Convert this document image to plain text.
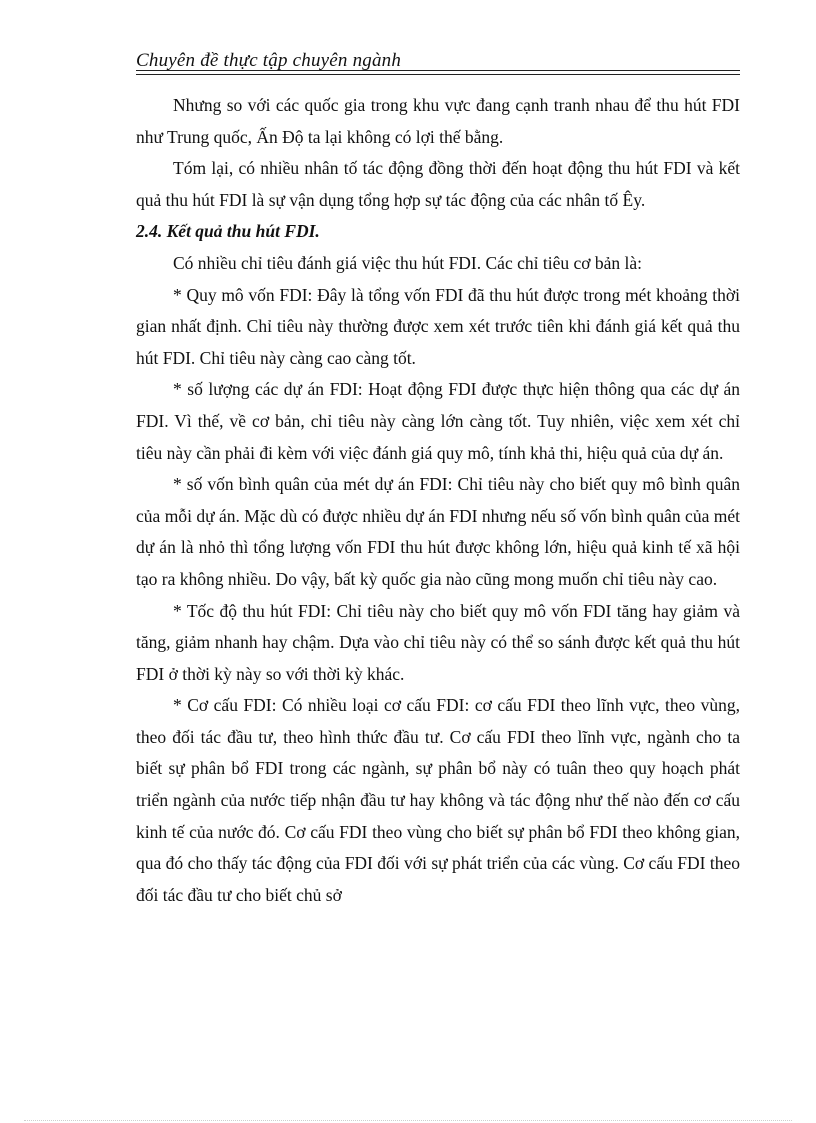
Chuyên đề thực tập chuyên ngành

Nhưng so với các quốc gia trong khu vực đang cạnh tranh nhau để thu hút FDI như Trung quốc, Ấn Độ ta lại không có lợi thế bằng.

Tóm lại, có nhiều nhân tố tác động đồng thời đến hoạt động thu hút FDI và kết quả thu hút FDI là sự vận dụng tổng hợp sự tác động của các nhân tố Êy.

2.4. Kết quả thu hút FDI.

Có nhiều chỉ tiêu đánh giá việc thu hút FDI. Các chỉ tiêu cơ bản là:

* Quy mô vốn FDI: Đây là tổng vốn FDI đã thu hút được trong mét khoảng thời gian nhất định. Chỉ tiêu này thường được xem xét trước tiên khi đánh giá kết quả thu hút FDI. Chỉ tiêu này càng cao càng tốt.

* số lượng các dự án FDI: Hoạt động FDI được thực hiện thông qua các dự án FDI. Vì thế, về cơ bản, chỉ tiêu này càng lớn càng tốt. Tuy nhiên, việc xem xét chỉ tiêu này cần phải đi kèm với việc đánh giá quy mô, tính khả thi, hiệu quả của dự án.

* số vốn bình quân của mét dự án FDI: Chỉ tiêu này cho biết quy mô bình quân của mỗi dự án. Mặc dù có được nhiều dự án FDI nhưng nếu số vốn bình quân của mét dự án là nhỏ thì tổng lượng vốn FDI thu hút được không lớn, hiệu quả kinh tế xã hội tạo ra không nhiều. Do vậy, bất kỳ quốc gia nào cũng mong muốn chỉ tiêu này cao.

* Tốc độ thu hút FDI: Chỉ tiêu này cho biết quy mô vốn FDI tăng hay giảm và tăng, giảm nhanh hay chậm. Dựa vào chỉ tiêu này có thể so sánh được kết quả thu hút FDI ở thời kỳ này so với thời kỳ khác.

* Cơ cấu FDI: Có nhiều loại cơ cấu FDI: cơ cấu FDI theo lĩnh vực, theo vùng, theo đối tác đầu tư, theo hình thức đầu tư. Cơ cấu FDI theo lĩnh vực, ngành cho ta biết sự phân bổ FDI trong các ngành, sự phân bổ này có tuân theo quy hoạch phát triển ngành của nước tiếp nhận đầu tư hay không và tác động như thế nào đến cơ cấu kinh tế của nước đó. Cơ cấu FDI theo vùng cho biết sự phân bổ FDI theo không gian, qua đó cho thấy tác động của FDI đối với sự phát triển của các vùng. Cơ cấu FDI theo đối tác đầu tư cho biết chủ sở
